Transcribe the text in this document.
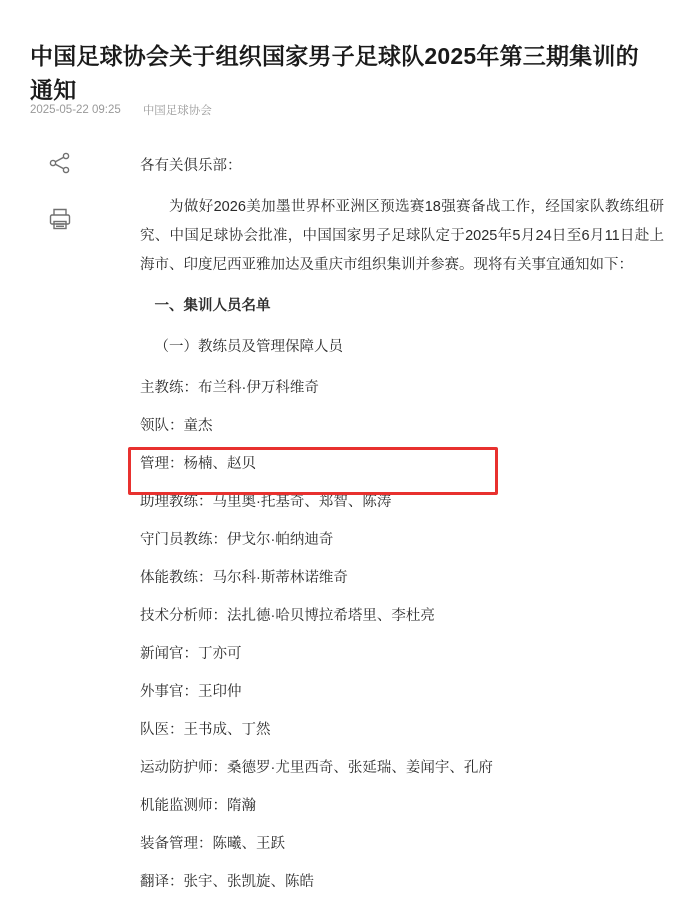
中国足球协会关于组织国家男子足球队2025年第三期集训的通知
2025-05-22 09:25 中国足球协会

各有关俱乐部：

为做好2026美加墨世界杯亚洲区预选赛18强赛备战工作，经国家队教练组研究、中国足球协会批准，中国国家男子足球队定于2025年5月24日至6月11日赴上海市、印度尼西亚雅加达及重庆市组织集训并参赛。现将有关事宜通知如下：

一、集训人员名单

（一）教练员及管理保障人员

主教练：布兰科·伊万科维奇

领队：童杰

管理：杨楠、赵贝

助理教练：马里奥·托基奇、郑智、陈涛

守门员教练：伊戈尔·帕纳迪奇

体能教练：马尔科·斯蒂林诺维奇

技术分析师：法扎德·哈贝博拉希塔里、李杜亮

新闻官：丁亦可

外事官：王印仲

队医：王书成、丁然

运动防护师：桑德罗·尤里西奇、张延瑞、姜闻宇、孔府

机能监测师：隋瀚

装备管理：陈曦、王跃

翻译：张宇、张凯旋、陈皓
